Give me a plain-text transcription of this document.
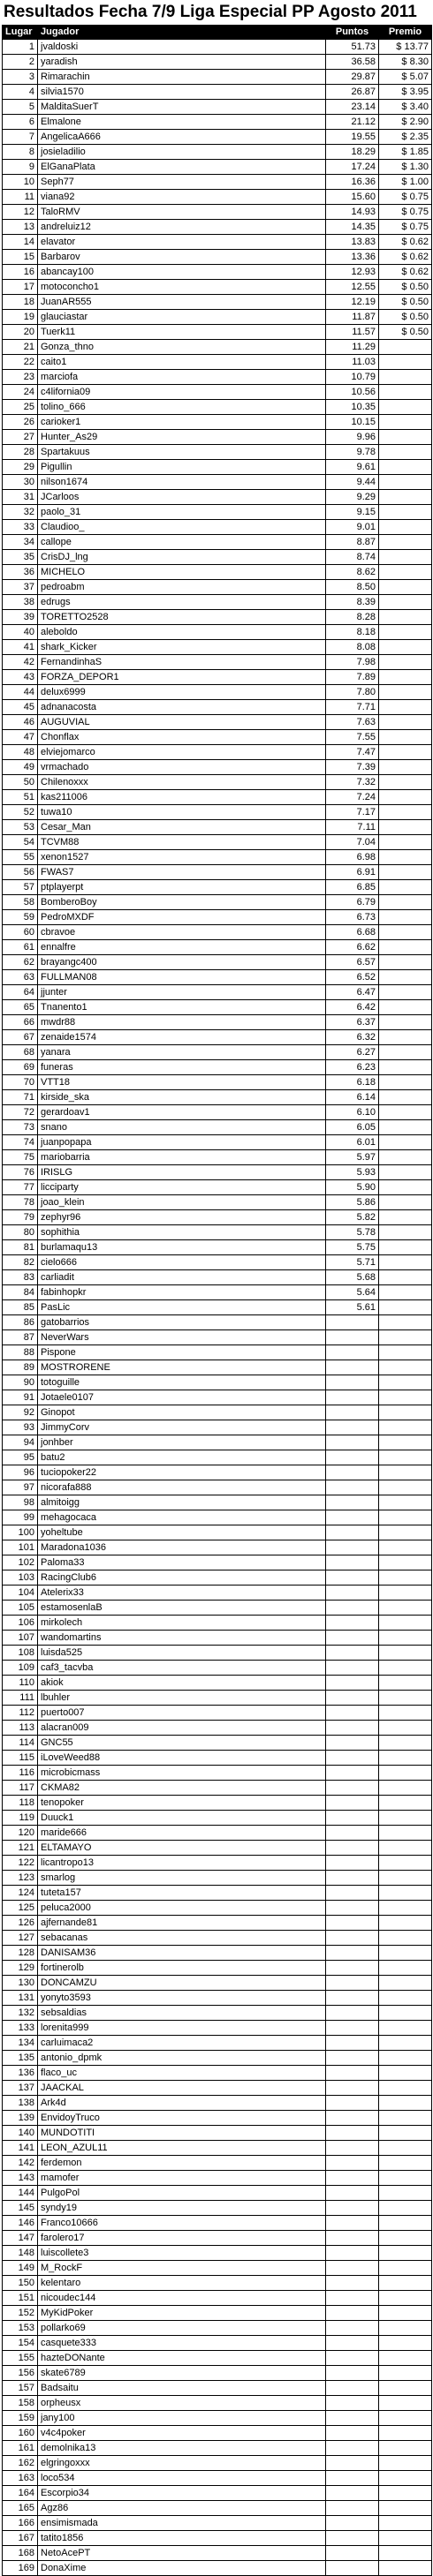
Resultados Fecha 7/9 Liga Especial PP Agosto 2011
Lugar	Jugador	Puntos	Premio
1	jvaldoski	51.73	$ 13.77
2	yaradish	36.58	$ 8.30
3	Rimarachin	29.87	$ 5.07
4	silvia1570	26.87	$ 3.95
5	MalditaSuerT	23.14	$ 3.40
6	Elmalone	21.12	$ 2.90
7	AngelicaA666	19.55	$ 2.35
8	josieladilio	18.29	$ 1.85
9	ElGanaPlata	17.24	$ 1.30
10	Seph77	16.36	$ 1.00
11	viana92	15.60	$ 0.75
12	TaloRMV	14.93	$ 0.75
13	andreluiz12	14.35	$ 0.75
14	elavator	13.83	$ 0.62
15	Barbarov	13.36	$ 0.62
16	abancay100	12.93	$ 0.62
17	motoconcho1	12.55	$ 0.50
18	JuanAR555	12.19	$ 0.50
19	glauciastar	11.87	$ 0.50
20	Tuerk11	11.57	$ 0.50
21	Gonza_thno	11.29	
22	caito1	11.03	
23	marciofa	10.79	
24	c4lifornia09	10.56	
25	tolino_666	10.35	
26	carioker1	10.15	
27	Hunter_As29	9.96	
28	Spartakuus	9.78	
29	Pigullin	9.61	
30	nilson1674	9.44	
31	JCarloos	9.29	
32	paolo_31	9.15	
33	Claudioo_	9.01	
34	callope	8.87	
35	CrisDJ_lng	8.74	
36	MICHELO	8.62	
37	pedroabm	8.50	
38	edrugs	8.39	
39	TORETTO2528	8.28	
40	aleboldo	8.18	
41	shark_Kicker	8.08	
42	FernandinhaS	7.98	
43	FORZA_DEPOR1	7.89	
44	delux6999	7.80	
45	adnanacosta	7.71	
46	AUGUVIAL	7.63	
47	Chonflax	7.55	
48	elviejomarco	7.47	
49	vrmachado	7.39	
50	Chilenoxxx	7.32	
51	kas211006	7.24	
52	tuwa10	7.17	
53	Cesar_Man	7.11	
54	TCVM88	7.04	
55	xenon1527	6.98	
56	FWAS7	6.91	
57	ptplayerpt	6.85	
58	BomberoBoy	6.79	
59	PedroMXDF	6.73	
60	cbravoe	6.68	
61	ennalfre	6.62	
62	brayangc400	6.57	
63	FULLMAN08	6.52	
64	jjunter	6.47	
65	Tnanento1	6.42	
66	mwdr88	6.37	
67	zenaide1574	6.32	
68	yanara	6.27	
69	funeras	6.23	
70	VTT18	6.18	
71	kirside_ska	6.14	
72	gerardoav1	6.10	
73	snano	6.05	
74	juanpopapa	6.01	
75	mariobarria	5.97	
76	IRISLG	5.93	
77	licciparty	5.90	
78	joao_klein	5.86	
79	zephyr96	5.82	
80	sophithia	5.78	
81	burlamaqu13	5.75	
82	cielo666	5.71	
83	carliadit	5.68	
84	fabinhopkr	5.64	
85	PasLic	5.61	
86	gatobarrios		
87	NeverWars		
88	Pispone		
89	MOSTRORENE		
90	totoguille		
91	Jotaele0107		
92	Ginopot		
93	JimmyCorv		
94	jonhber		
95	batu2		
96	tuciopoker22		
97	nicorafa888		
98	almitoigg		
99	mehagocaca		
100	yoheltube		
101	Maradona1036		
102	Paloma33		
103	RacingClub6		
104	Atelerix33		
105	estamosenlaB		
106	mirkolech		
107	wandomartins		
108	luisda525		
109	caf3_tacvba		
110	akiok		
111	lbuhler		
112	puerto007		
113	alacran009		
114	GNC55		
115	iLoveWeed88		
116	microbicmass		
117	CKMA82		
118	tenopoker		
119	Duuck1		
120	maride666		
121	ELTAMAYO		
122	licantropo13		
123	smarlog		
124	tuteta157		
125	peluca2000		
126	ajfernande81		
127	sebacanas		
128	DANISAM36		
129	fortinerolb		
130	DONCAMZU		
131	yonyto3593		
132	sebsaldias		
133	lorenita999		
134	carluimaca2		
135	antonio_dpmk		
136	flaco_uc		
137	JAACKAL		
138	Ark4d		
139	EnvidoyTruco		
140	MUNDOTITI		
141	LEON_AZUL11		
142	ferdemon		
143	mamofer		
144	PulgoPol		
145	syndy19		
146	Franco10666		
147	farolero17		
148	luiscollete3		
149	M_RockF		
150	kelentaro		
151	nicoudec144		
152	MyKidPoker		
153	pollarko69		
154	casquete333		
155	hazteDONante		
156	skate6789		
157	Badsaitu		
158	orpheusx		
159	jany100		
160	v4c4poker		
161	demolnika13		
162	elgringoxxx		
163	loco534		
164	Escorpio34		
165	Agz86		
166	ensimismada		
167	tatito1856		
168	NetoAcePT		
169	DonaXime		
